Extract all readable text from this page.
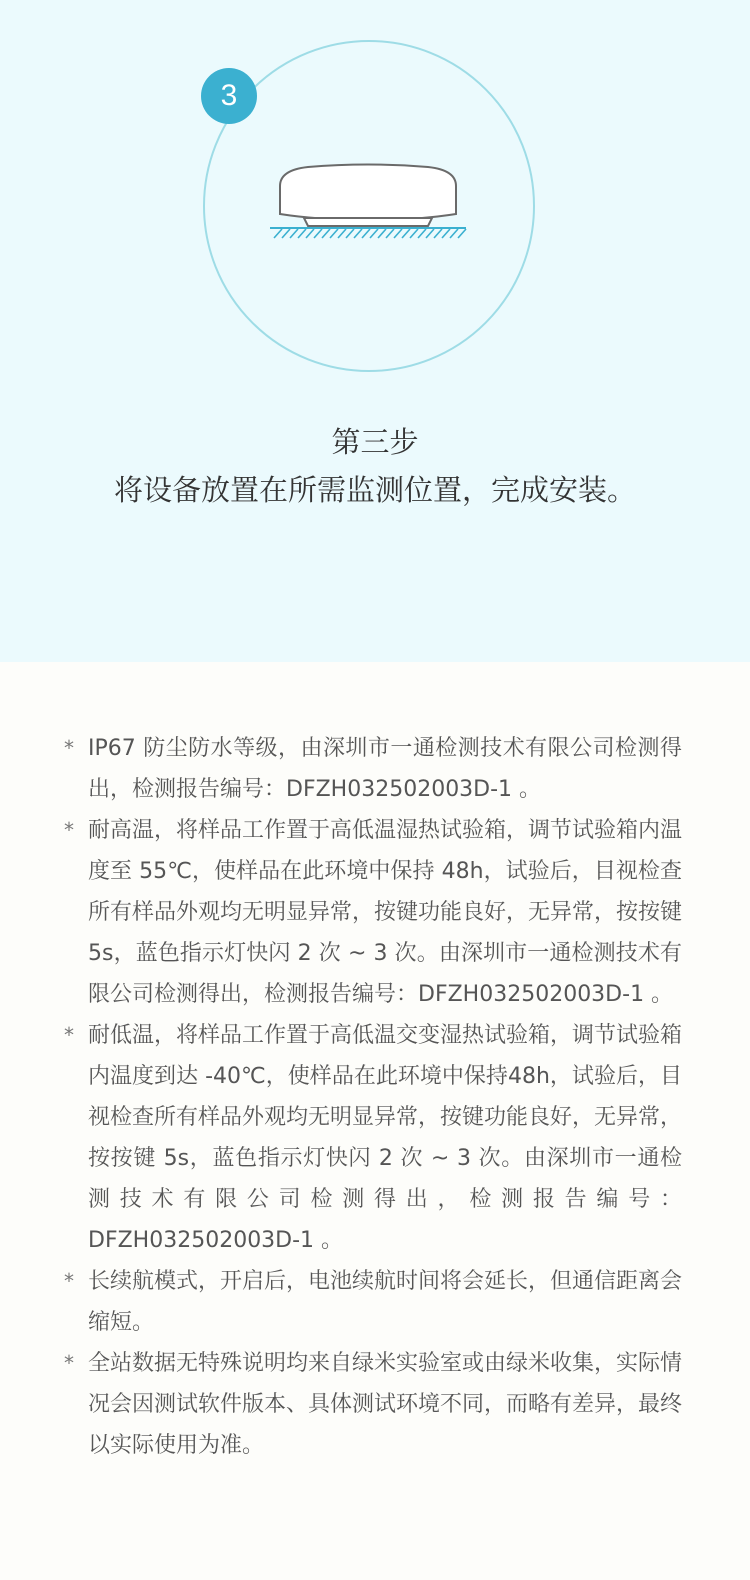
3
第三步
将设备放置在所需监测位置，完成安装。
* IP67 防尘防水等级，由深圳市一通检测技术有限公司检测得出，检测报告编号：DFZH032502003D-1 。
* 耐高温，将样品工作置于高低温湿热试验箱，调节试验箱内温度至 55℃，使样品在此环境中保持 48h，试验后，目视检查所有样品外观均无明显异常，按键功能良好，无异常，按按键 5s，蓝色指示灯快闪 2 次 ~ 3 次。由深圳市一通检测技术有限公司检测得出，检测报告编号：DFZH032502003D-1 。
* 耐低温，将样品工作置于高低温交变湿热试验箱，调节试验箱内温度到达 -40℃，使样品在此环境中保持48h，试验后，目视检查所有样品外观均无明显异常，按键功能良好，无异常，按按键 5s，蓝色指示灯快闪 2 次 ~ 3 次。由深圳市一通检测技术有限公司检测得出，检测报告编号：DFZH032502003D-1 。
* 长续航模式，开启后，电池续航时间将会延长，但通信距离会缩短。
* 全站数据无特殊说明均来自绿米实验室或由绿米收集，实际情况会因测试软件版本、具体测试环境不同，而略有差异，最终以实际使用为准。
